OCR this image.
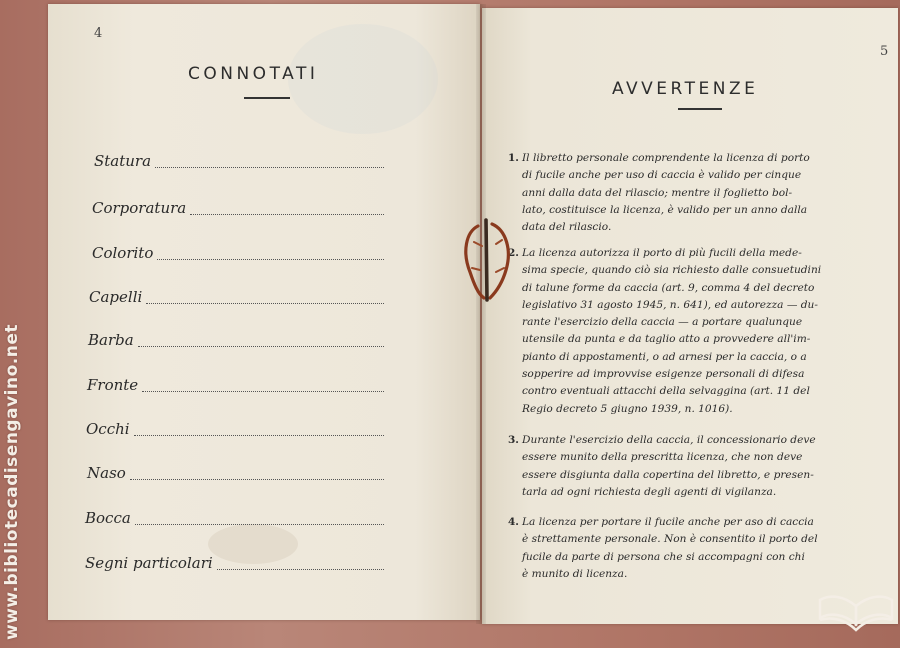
www.bibliotecadisengavino.net
4
CONNOTATI
Statura
Corporatura
Colorito
Capelli
Barba
Fronte
Occhi
Naso
Bocca
Segni particolari
5
AVVERTENZE
1. Il libretto personale comprendente la licenza di porto
di fucile anche per uso di caccia è valido per cinque
anni dalla data del rilascio; mentre il foglietto bol-
lato, costituisce la licenza, è valido per un anno dalla
data del rilascio.
2. La licenza autorizza il porto di più fucili della mede-
sima specie, quando ciò sia richiesto dalle consuetudini
di talune forme da caccia (art. 9, comma 4 del decreto
legislativo 31 agosto 1945, n. 641), ed autorezza — du-
rante l'esercizio della caccia — a portare qualunque
utensile da punta e da taglio atto a provvedere all'im-
pianto di appostamenti, o ad arnesi per la caccia, o a
sopperire ad improvvise esigenze personali di difesa
contro eventuali attacchi della selvaggina (art. 11 del
Regio decreto 5 giugno 1939, n. 1016).
3. Durante l'esercizio della caccia, il concessionario deve
essere munito della prescritta licenza, che non deve
essere disgiunta dalla copertina del libretto, e presen-
tarla ad ogni richiesta degli agenti di vigilanza.
4. La licenza per portare il fucile anche per aso di caccia
è strettamente personale. Non è consentito il porto del
fucile da parte di persona che si accompagni con chi
è munito di licenza.
